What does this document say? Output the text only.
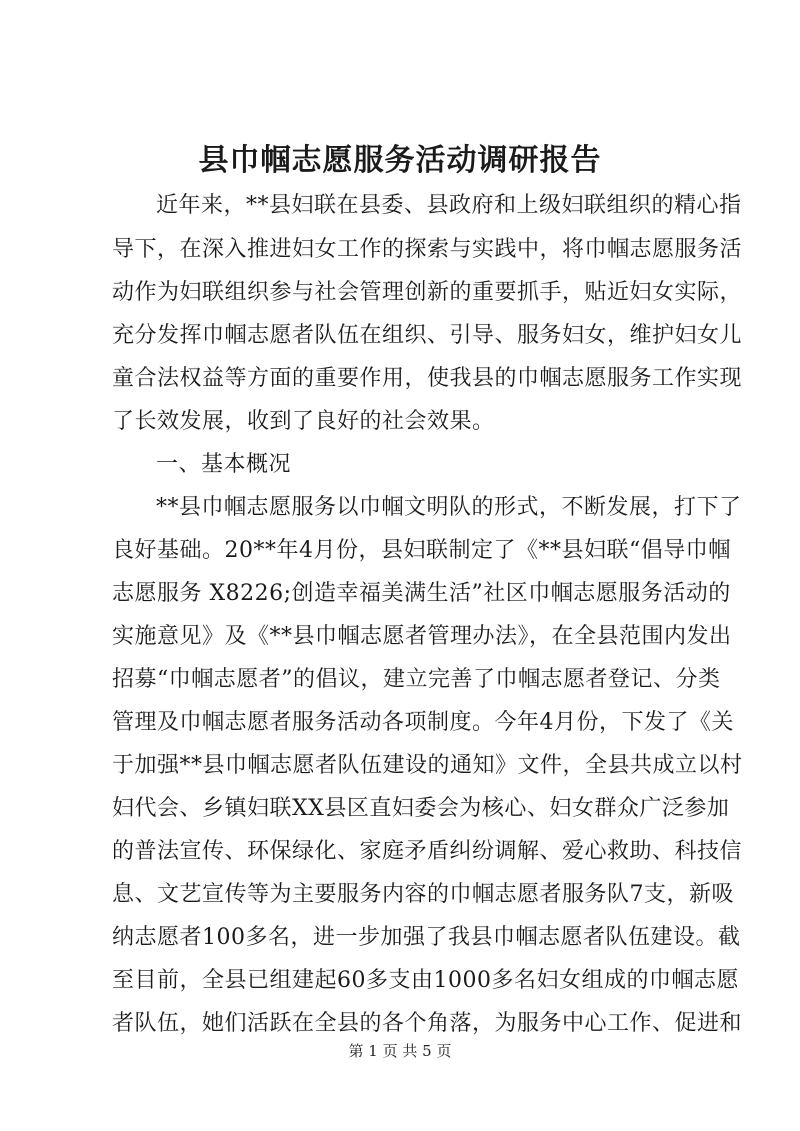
县巾帼志愿服务活动调研报告
近年来，**县妇联在县委、县政府和上级妇联组织的精心指
导下，在深入推进妇女工作的探索与实践中，将巾帼志愿服务活
动作为妇联组织参与社会管理创新的重要抓手，贴近妇女实际，
充分发挥巾帼志愿者队伍在组织、引导、服务妇女，维护妇女儿
童合法权益等方面的重要作用，使我县的巾帼志愿服务工作实现
了长效发展，收到了良好的社会效果。
一、基本概况
**县巾帼志愿服务以巾帼文明队的形式，不断发展，打下了
良好基础。20**年4月份，县妇联制定了《**县妇联“倡导巾帼
志愿服务 X8226;创造幸福美满生活”社区巾帼志愿服务活动的
实施意见》及《**县巾帼志愿者管理办法》，在全县范围内发出
招募“巾帼志愿者”的倡议，建立完善了巾帼志愿者登记、分类
管理及巾帼志愿者服务活动各项制度。今年4月份，下发了《关
于加强**县巾帼志愿者队伍建设的通知》文件，全县共成立以村
妇代会、乡镇妇联XX县区直妇委会为核心、妇女群众广泛参加
的普法宣传、环保绿化、家庭矛盾纠纷调解、爱心救助、科技信
息、文艺宣传等为主要服务内容的巾帼志愿者服务队7支，新吸
纳志愿者100多名，进一步加强了我县巾帼志愿者队伍建设。截
至目前，全县已组建起60多支由1000多名妇女组成的巾帼志愿
者队伍，她们活跃在全县的各个角落，为服务中心工作、促进和
第 1 页 共 5 页
